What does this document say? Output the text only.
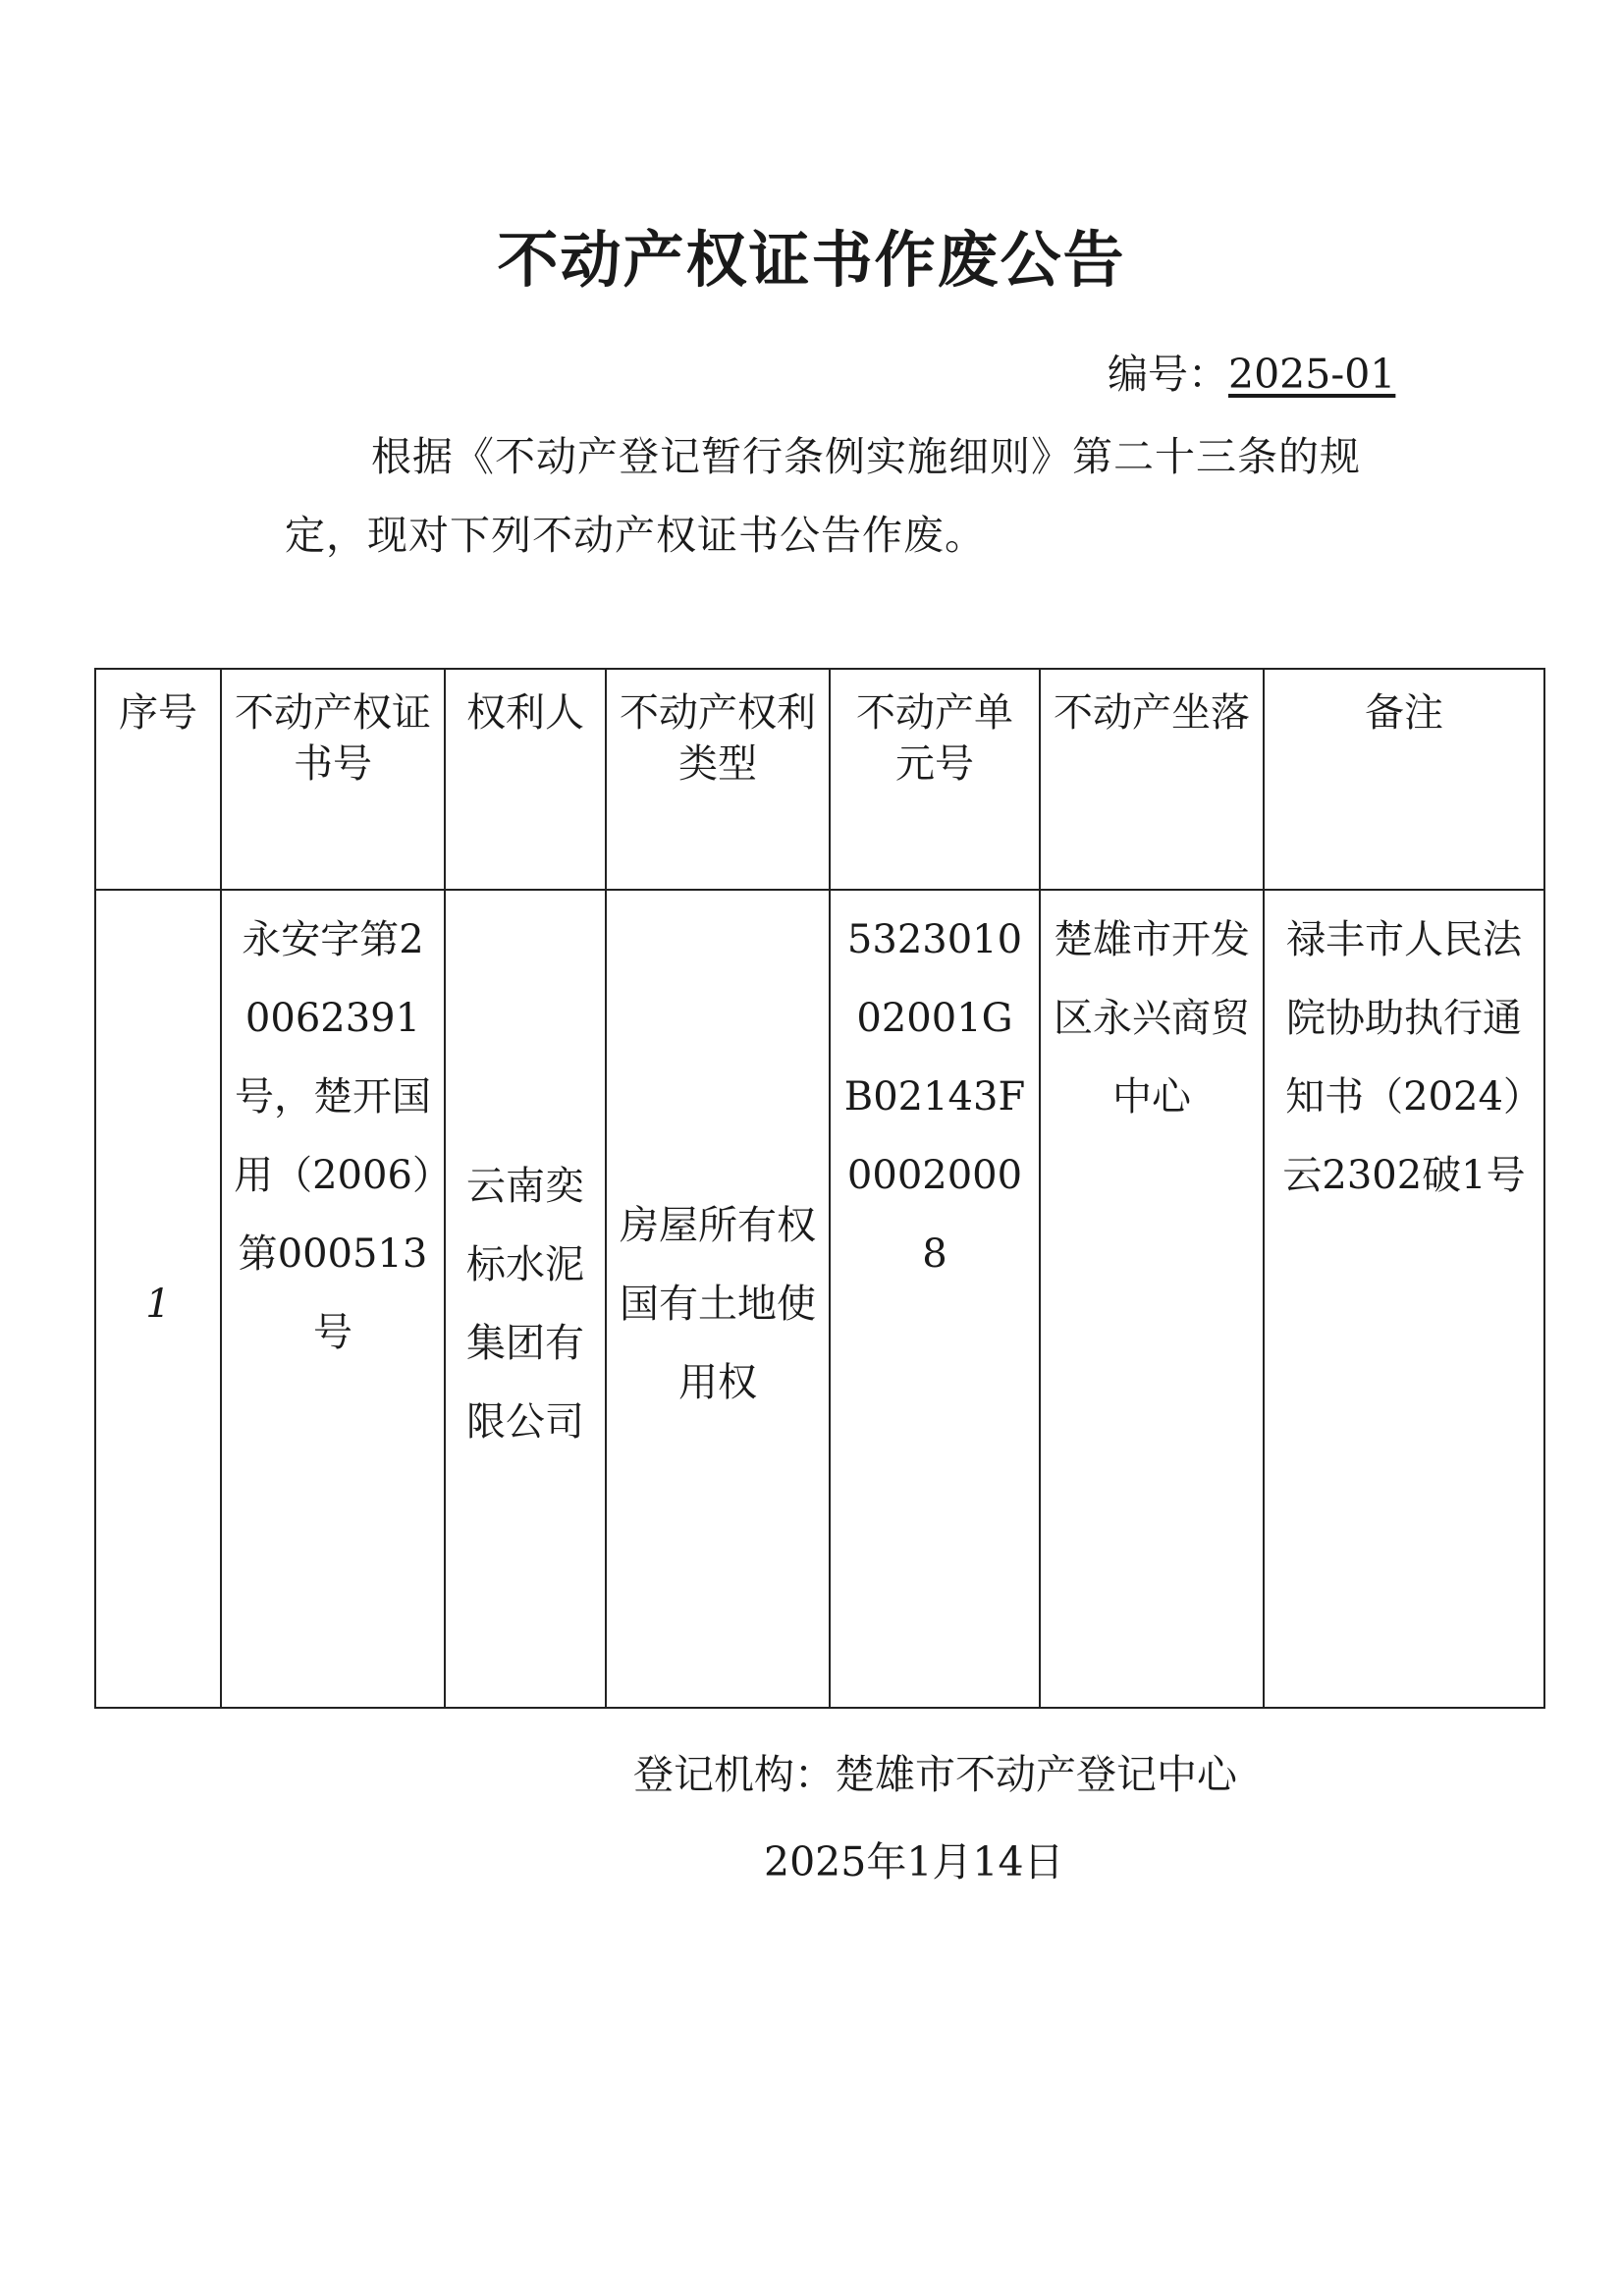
不动产权证书作废公告
编号：2025-01
根据《不动产登记暂行条例实施细则》第二十三条的规
定，现对下列不动产权证书公告作废。
序号	不动产权证书号	权利人	不动产权利类型	不动产单元号	不动产坐落	备注
1	永安字第20062391号，楚开国用（2006）第000513号	云南奕标水泥集团有限公司	房屋所有权 国有土地使用权	532301002001GB02143F00020008	楚雄市开发区永兴商贸中心	禄丰市人民法院协助执行通知书（2024）云2302破1号
登记机构：楚雄市不动产登记中心
2025年1月14日
